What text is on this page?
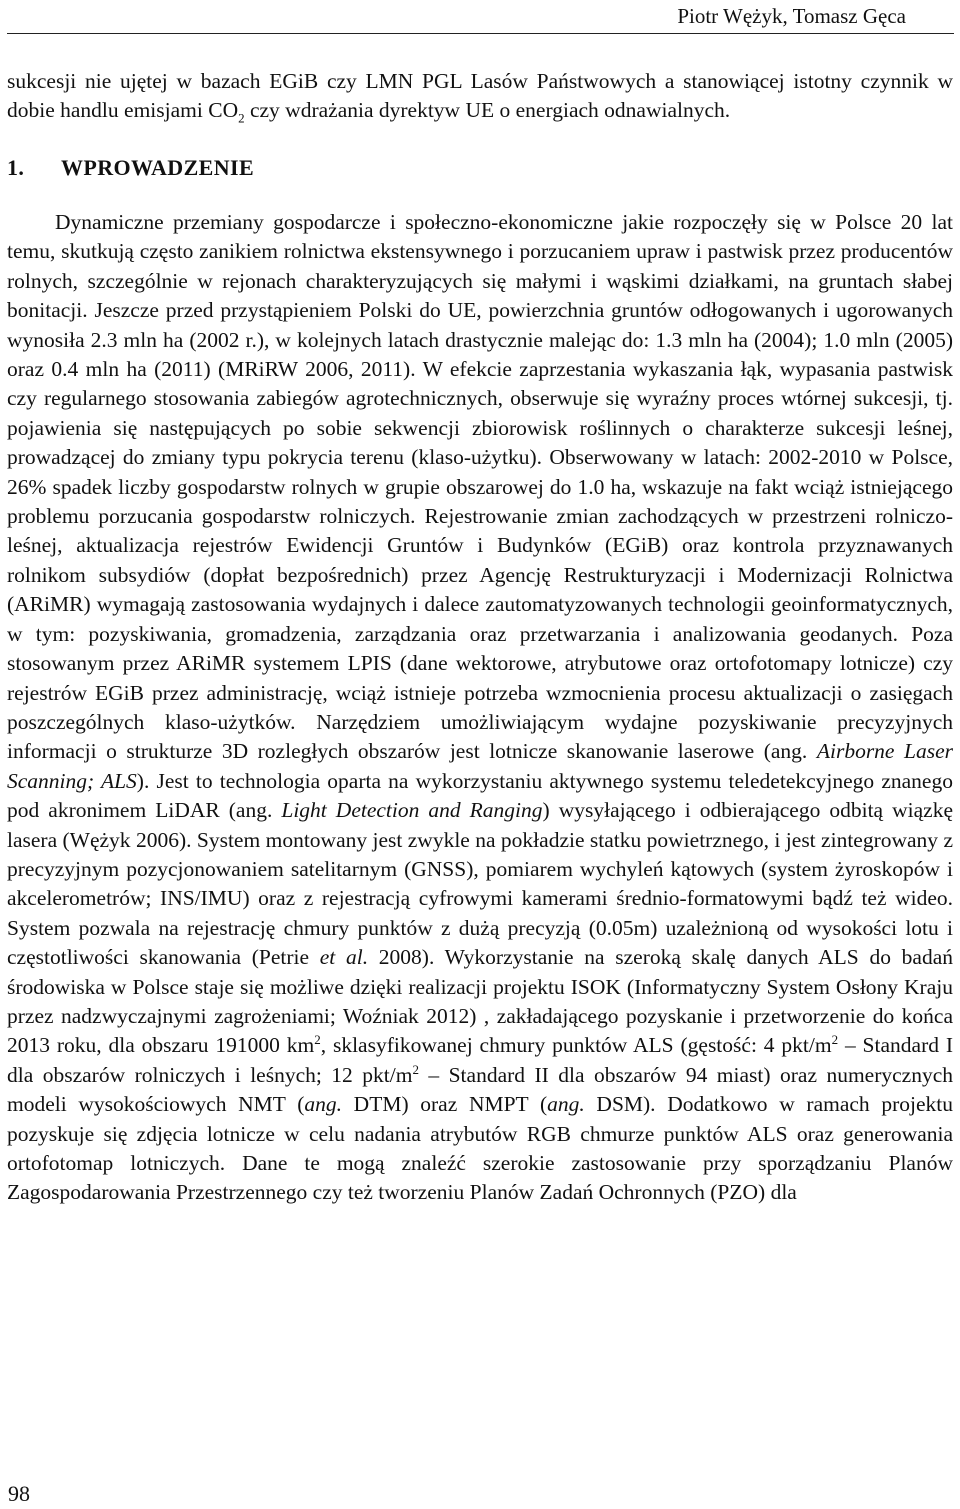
Piotr Wężyk, Tomasz Gęca

sukcesji nie ujętej w bazach EGiB czy LMN PGL Lasów Państwowych a stanowiącej istotny czynnik w dobie handlu emisjami $CO_2$ czy wdrażania dyrektyw UE o energiach odnawialnych.

1. WPROWADZENIE

Dynamiczne przemiany gospodarcze i społeczno-ekonomiczne jakie rozpoczęły się w Polsce 20 lat temu, skutkują często zanikiem rolnictwa ekstensywnego i porzucaniem upraw i pastwisk przez producentów rolnych, szczególnie w rejonach charakteryzujących się małymi i wąskimi działkami, na gruntach słabej bonitacji. Jeszcze przed przystąpieniem Polski do UE, powierzchnia gruntów odłogowanych i ugorowanych wynosiła 2.3 mln ha (2002 r.), w kolejnych latach drastycznie malejąc do: 1.3 mln ha (2004); 1.0 mln (2005) oraz 0.4 mln ha (2011) (MRiRW 2006, 2011). W efekcie zaprzestania wykaszania łąk, wypasania pastwisk czy regularnego stosowania zabiegów agrotechnicznych, obserwuje się wyraźny proces wtórnej sukcesji, tj. pojawienia się następujących po sobie sekwencji zbiorowisk roślinnych o charakterze sukcesji leśnej, prowadzącej do zmiany typu pokrycia terenu (klaso-użytku). Obserwowany w latach: 2002-2010 w Polsce, 26% spadek liczby gospodarstw rolnych w grupie obszarowej do 1.0 ha, wskazuje na fakt wciąż istniejącego problemu porzucania gospodarstw rolniczych. Rejestrowanie zmian zachodzących w przestrzeni rolniczo-leśnej, aktualizacja rejestrów Ewidencji Gruntów i Budynków (EGiB) oraz kontrola przyznawanych rolnikom subsydiów (dopłat bezpośrednich) przez Agencję Restrukturyzacji i Modernizacji Rolnictwa (ARiMR) wymagają zastosowania wydajnych i dalece zautomatyzowanych technologii geoinformatycznych, w tym: pozyskiwania, gromadzenia, zarządzania oraz przetwarzania i analizowania geodanych. Poza stosowanym przez ARiMR systemem LPIS (dane wektorowe, atrybutowe oraz ortofotomapy lotnicze) czy rejestrów EGiB przez administrację, wciąż istnieje potrzeba wzmocnienia procesu aktualizacji o zasięgach poszczególnych klaso-użytków. Narzędziem umożliwiającym wydajne pozyskiwanie precyzyjnych informacji o strukturze 3D rozległych obszarów jest lotnicze skanowanie laserowe (ang. Airborne Laser Scanning; ALS). Jest to technologia oparta na wykorzystaniu aktywnego systemu teledetekcyjnego znanego pod akronimem LiDAR (ang. Light Detection and Ranging) wysyłającego i odbierającego odbitą wiązkę lasera (Wężyk 2006). System montowany jest zwykle na pokładzie statku powietrznego, i jest zintegrowany z precyzyjnym pozycjonowaniem satelitarnym (GNSS), pomiarem wychyleń kątowych (system żyroskopów i akcelerometrów; INS/IMU) oraz z rejestracją cyfrowymi kamerami średnio-formatowymi bądź też wideo. System pozwala na rejestrację chmury punktów z dużą precyzją (0.05m) uzależnioną od wysokości lotu i częstotliwości skanowania (Petrie et al. 2008). Wykorzystanie na szeroką skalę danych ALS do badań środowiska w Polsce staje się możliwe dzięki realizacji projektu ISOK (Informatyczny System Osłony Kraju przez nadzwyczajnymi zagrożeniami; Woźniak 2012) , zakładającego pozyskanie i przetworzenie do końca 2013 roku, dla obszaru 191000 $km^2$, sklasyfikowanej chmury punktów ALS (gęstość: 4 pkt/$m^2$ – Standard I dla obszarów rolniczych i leśnych; 12 pkt/$m^2$ – Standard II dla obszarów 94 miast) oraz numerycznych modeli wysokościowych NMT (ang. DTM) oraz NMPT (ang. DSM). Dodatkowo w ramach projektu pozyskuje się zdjęcia lotnicze w celu nadania atrybutów RGB chmurze punktów ALS oraz generowania ortofotomap lotniczych. Dane te mogą znaleźć szerokie zastosowanie przy sporządzaniu Planów Zagospodarowania Przestrzennego czy też tworzeniu Planów Zadań Ochronnych (PZO) dla

98
